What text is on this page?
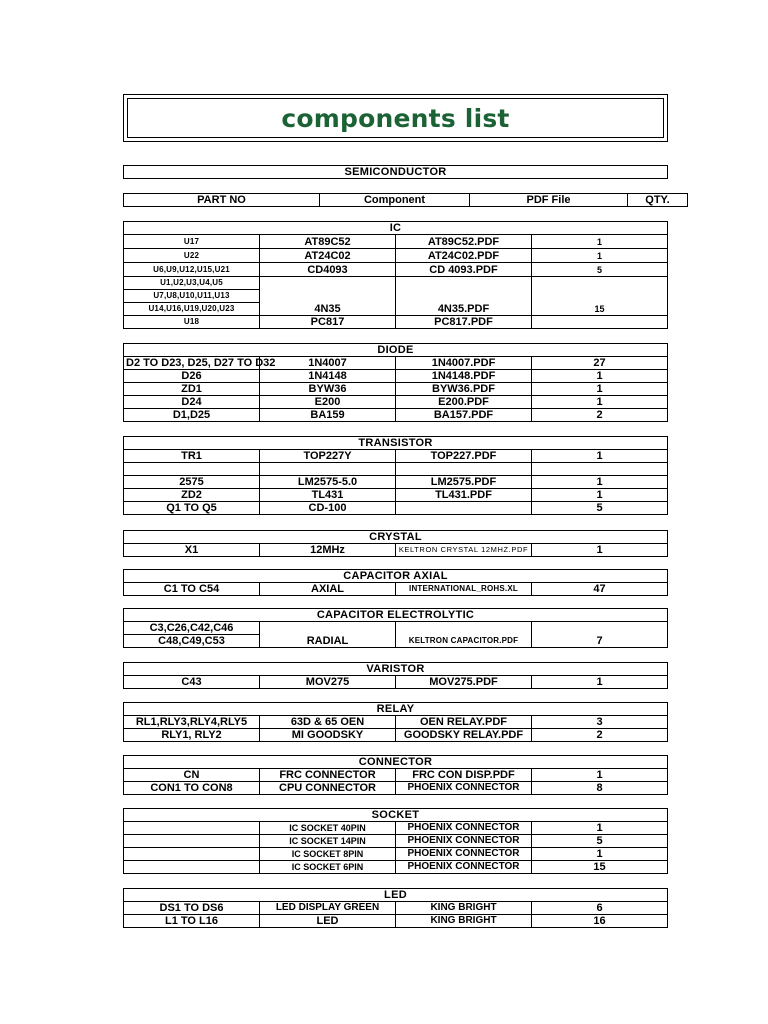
components list
SEMICONDUCTOR
PART NO	Component	PDF File	QTY.
IC			
U17	AT89C52	AT89C52.PDF	1
U22	AT24C02	AT24C02.PDF	1
U6,U9,U12,U15,U21	CD4093	CD 4093.PDF	5
U1,U2,U3,U4,U5	4N35	4N35.PDF	15
U7,U8,U10,U11,U13			
U14,U16,U19,U20,U23			
U18	PC817	PC817.PDF	
DIODE			
D2 TO D23, D25, D27 TO D32	1N4007	1N4007.PDF	27
D26	1N4148	1N4148.PDF	1
ZD1	BYW36	BYW36.PDF	1
D24	E200	E200.PDF	1
D1,D25	BA159	BA157.PDF	2
TRANSISTOR			
TR1	TOP227Y	TOP227.PDF	1

2575	LM2575-5.0	LM2575.PDF	1
ZD2	TL431	TL431.PDF	1
Q1 TO Q5	CD-100		5
CRYSTAL
X1	12MHz	KELTRON CRYSTAL 12MHZ.PDF	1
CAPACITOR AXIAL
C1 TO C54	AXIAL	INTERNATIONAL_ROHS.XL	47
CAPACITOR ELECTROLYTIC
C3,C26,C42,C46	RADIAL	KELTRON CAPACITOR.PDF	7
C48,C49,C53
VARISTOR
C43	MOV275	MOV275.PDF	1
RELAY			
RL1,RLY3,RLY4,RLY5	63D & 65 OEN	OEN RELAY.PDF	3
RLY1, RLY2	MI GOODSKY	GOODSKY RELAY.PDF	2
CONNECTOR			
CN	FRC CONNECTOR	FRC CON DISP.PDF	1
CON1 TO CON8	CPU CONNECTOR	PHOENIX CONNECTOR	8
SOCKET			
	IC SOCKET 40PIN	PHOENIX CONNECTOR	1
	IC SOCKET 14PIN	PHOENIX CONNECTOR	5
	IC SOCKET 8PIN	PHOENIX CONNECTOR	1
	IC SOCKET 6PIN	PHOENIX CONNECTOR	15
LED			
DS1 TO DS6	LED DISPLAY GREEN	KING BRIGHT	6
L1 TO L16	LED	KING BRIGHT	16
